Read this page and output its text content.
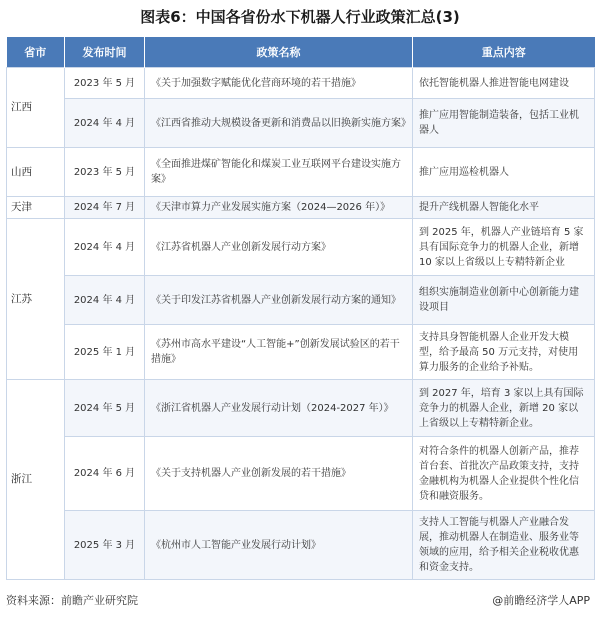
图表6：中国各省份水下机器人行业政策汇总(3)
省市	发布时间	政策名称	重点内容
江西	2023 年 5 月	《关于加强数字赋能优化营商环境的若干措施》	依托智能机器人推进智能电网建设
	2024 年 4 月	《江西省推动大规模设备更新和消费品以旧换新实施方案》	推广应用智能制造装备，包括工业机器人
山西	2023 年 5 月	《全面推进煤矿智能化和煤炭工业互联网平台建设实施方案》	推广应用巡检机器人
天津	2024 年 7 月	《天津市算力产业发展实施方案（2024—2026 年）》	提升产线机器人智能化水平
江苏	2024 年 4 月	《江苏省机器人产业创新发展行动方案》	到 2025 年，机器人产业链培育 5 家具有国际竞争力的机器人企业，新增 10 家以上省级以上专精特新企业
	2024 年 4 月	《关于印发江苏省机器人产业创新发展行动方案的通知》	组织实施制造业创新中心创新能力建设项目
	2025 年 1 月	《苏州市高水平建设“人工智能+”创新发展试验区的若干措施》	支持具身智能机器人企业开发大模型，给予最高 50 万元支持，对使用算力服务的企业给予补贴。
浙江	2024 年 5 月	《浙江省机器人产业发展行动计划（2024-2027 年）》	到 2027 年，培育 3 家以上具有国际竞争力的机器人企业，新增 20 家以上省级以上专精特新企业。
	2024 年 6 月	《关于支持机器人产业创新发展的若干措施》	对符合条件的机器人创新产品，推荐首台套、首批次产品政策支持，支持金融机构为机器人企业提供个性化信贷和融资服务。
	2025 年 3 月	《杭州市人工智能产业发展行动计划》	支持人工智能与机器人产业融合发展，推动机器人在制造业、服务业等领域的应用，给予相关企业税收优惠和资金支持。
资料来源：前瞻产业研究院	@前瞻经济学人APP
